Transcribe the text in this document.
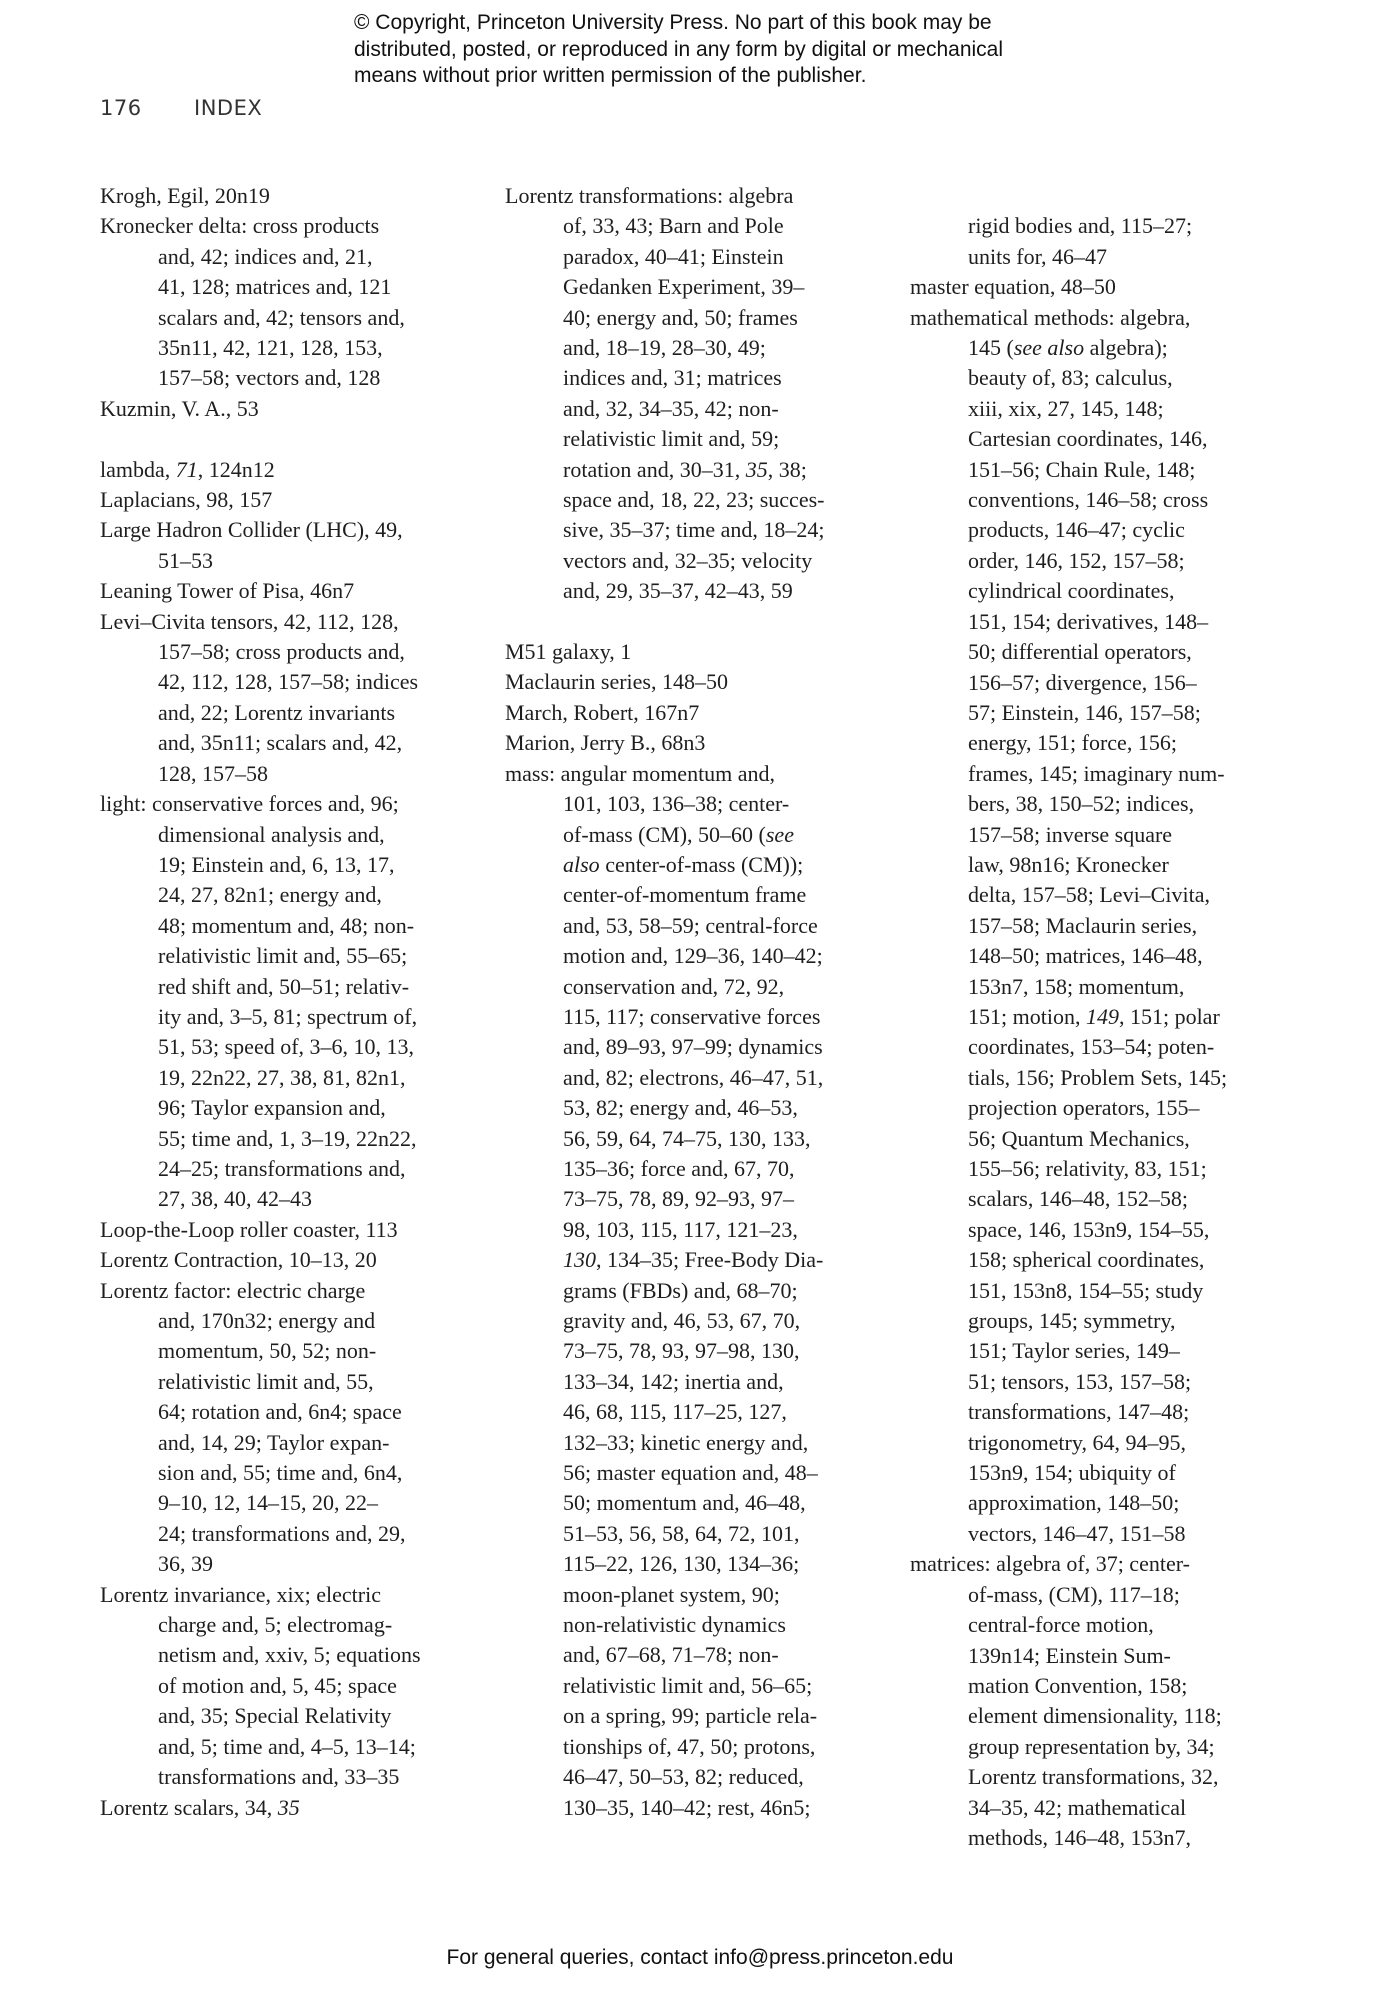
© Copyright, Princeton University Press. No part of this book may be
distributed, posted, or reproduced in any form by digital or mechanical
means without prior written permission of the publisher.
176 INDEX
Krogh, Egil, 20n19
Kronecker delta: cross products
and, 42; indices and, 21,
41, 128; matrices and, 121
scalars and, 42; tensors and,
35n11, 42, 121, 128, 153,
157–58; vectors and, 128
Kuzmin, V. A., 53
lambda, 71, 124n12
Laplacians, 98, 157
Large Hadron Collider (LHC), 49,
51–53
Leaning Tower of Pisa, 46n7
Levi–Civita tensors, 42, 112, 128,
157–58; cross products and,
42, 112, 128, 157–58; indices
and, 22; Lorentz invariants
and, 35n11; scalars and, 42,
128, 157–58
light: conservative forces and, 96;
dimensional analysis and,
19; Einstein and, 6, 13, 17,
24, 27, 82n1; energy and,
48; momentum and, 48; non-
relativistic limit and, 55–65;
red shift and, 50–51; relativ-
ity and, 3–5, 81; spectrum of,
51, 53; speed of, 3–6, 10, 13,
19, 22n22, 27, 38, 81, 82n1,
96; Taylor expansion and,
55; time and, 1, 3–19, 22n22,
24–25; transformations and,
27, 38, 40, 42–43
Loop-the-Loop roller coaster, 113
Lorentz Contraction, 10–13, 20
Lorentz factor: electric charge
and, 170n32; energy and
momentum, 50, 52; non-
relativistic limit and, 55,
64; rotation and, 6n4; space
and, 14, 29; Taylor expan-
sion and, 55; time and, 6n4,
9–10, 12, 14–15, 20, 22–
24; transformations and, 29,
36, 39
Lorentz invariance, xix; electric
charge and, 5; electromag-
netism and, xxiv, 5; equations
of motion and, 5, 45; space
and, 35; Special Relativity
and, 5; time and, 4–5, 13–14;
transformations and, 33–35
Lorentz scalars, 34, 35
Lorentz transformations: algebra
of, 33, 43; Barn and Pole
paradox, 40–41; Einstein
Gedanken Experiment, 39–
40; energy and, 50; frames
and, 18–19, 28–30, 49;
indices and, 31; matrices
and, 32, 34–35, 42; non-
relativistic limit and, 59;
rotation and, 30–31, 35, 38;
space and, 18, 22, 23; succes-
sive, 35–37; time and, 18–24;
vectors and, 32–35; velocity
and, 29, 35–37, 42–43, 59
M51 galaxy, 1
Maclaurin series, 148–50
March, Robert, 167n7
Marion, Jerry B., 68n3
mass: angular momentum and,
101, 103, 136–38; center-
of-mass (CM), 50–60 (see
also center-of-mass (CM));
center-of-momentum frame
and, 53, 58–59; central-force
motion and, 129–36, 140–42;
conservation and, 72, 92,
115, 117; conservative forces
and, 89–93, 97–99; dynamics
and, 82; electrons, 46–47, 51,
53, 82; energy and, 46–53,
56, 59, 64, 74–75, 130, 133,
135–36; force and, 67, 70,
73–75, 78, 89, 92–93, 97–
98, 103, 115, 117, 121–23,
130, 134–35; Free-Body Dia-
grams (FBDs) and, 68–70;
gravity and, 46, 53, 67, 70,
73–75, 78, 93, 97–98, 130,
133–34, 142; inertia and,
46, 68, 115, 117–25, 127,
132–33; kinetic energy and,
56; master equation and, 48–
50; momentum and, 46–48,
51–53, 56, 58, 64, 72, 101,
115–22, 126, 130, 134–36;
moon-planet system, 90;
non-relativistic dynamics
and, 67–68, 71–78; non-
relativistic limit and, 56–65;
on a spring, 99; particle rela-
tionships of, 47, 50; protons,
46–47, 50–53, 82; reduced,
130–35, 140–42; rest, 46n5;

rigid bodies and, 115–27;
units for, 46–47
master equation, 48–50
mathematical methods: algebra,
145 (see also algebra);
beauty of, 83; calculus,
xiii, xix, 27, 145, 148;
Cartesian coordinates, 146,
151–56; Chain Rule, 148;
conventions, 146–58; cross
products, 146–47; cyclic
order, 146, 152, 157–58;
cylindrical coordinates,
151, 154; derivatives, 148–
50; differential operators,
156–57; divergence, 156–
57; Einstein, 146, 157–58;
energy, 151; force, 156;
frames, 145; imaginary num-
bers, 38, 150–52; indices,
157–58; inverse square
law, 98n16; Kronecker
delta, 157–58; Levi–Civita,
157–58; Maclaurin series,
148–50; matrices, 146–48,
153n7, 158; momentum,
151; motion, 149, 151; polar
coordinates, 153–54; poten-
tials, 156; Problem Sets, 145;
projection operators, 155–
56; Quantum Mechanics,
155–56; relativity, 83, 151;
scalars, 146–48, 152–58;
space, 146, 153n9, 154–55,
158; spherical coordinates,
151, 153n8, 154–55; study
groups, 145; symmetry,
151; Taylor series, 149–
51; tensors, 153, 157–58;
transformations, 147–48;
trigonometry, 64, 94–95,
153n9, 154; ubiquity of
approximation, 148–50;
vectors, 146–47, 151–58
matrices: algebra of, 37; center-
of-mass, (CM), 117–18;
central-force motion,
139n14; Einstein Sum-
mation Convention, 158;
element dimensionality, 118;
group representation by, 34;
Lorentz transformations, 32,
34–35, 42; mathematical
methods, 146–48, 153n7,
For general queries, contact info@press.princeton.edu
